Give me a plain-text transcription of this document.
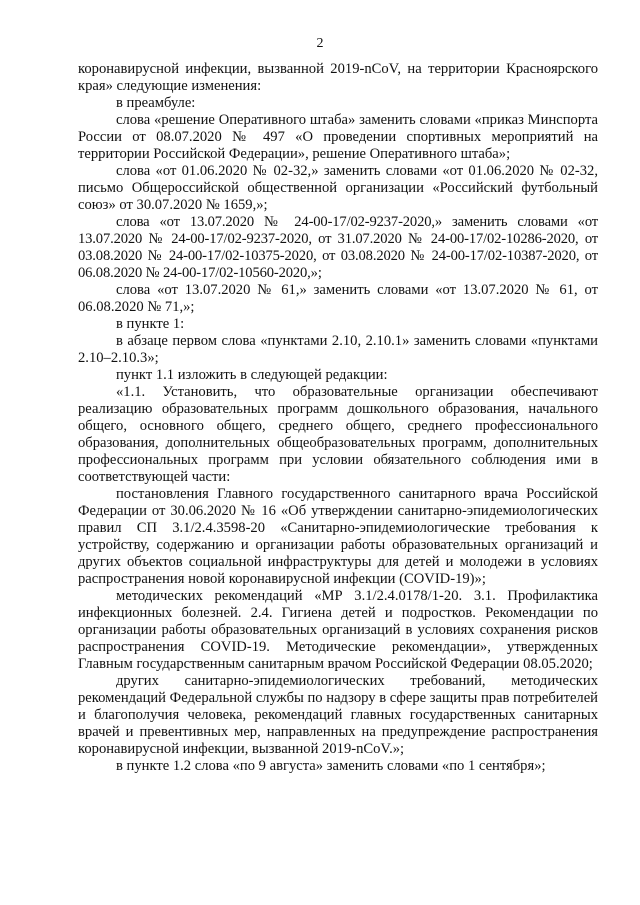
2

коронавирусной инфекции, вызванной 2019-nCoV, на территории Красноярского края» следующие изменения:

в преамбуле:

слова «решение Оперативного штаба» заменить словами «приказ Минспорта России от 08.07.2020 № 497 «О проведении спортивных мероприятий на территории Российской Федерации», решение Оперативного штаба»;

слова «от 01.06.2020 № 02-32,» заменить словами «от 01.06.2020 № 02-32, письмо Общероссийской общественной организации «Российский футбольный союз» от 30.07.2020 № 1659,»;

слова «от 13.07.2020 № 24-00-17/02-9237-2020,» заменить словами «от 13.07.2020 № 24-00-17/02-9237-2020, от 31.07.2020 № 24-00-17/02-10286-2020, от 03.08.2020 № 24-00-17/02-10375-2020, от 03.08.2020 № 24-00-17/02-10387-2020, от 06.08.2020 № 24-00-17/02-10560-2020,»;

слова «от 13.07.2020 № 61,» заменить словами «от 13.07.2020 № 61, от 06.08.2020 № 71,»;

в пункте 1:

в абзаце первом слова «пунктами 2.10, 2.10.1» заменить словами «пунктами 2.10–2.10.3»;

пункт 1.1 изложить в следующей редакции:

«1.1. Установить, что образовательные организации обеспечивают реализацию образовательных программ дошкольного образования, начального общего, основного общего, среднего общего, среднего профессионального образования, дополнительных общеобразовательных программ, дополнительных профессиональных программ при условии обязательного соблюдения ими в соответствующей части:

постановления Главного государственного санитарного врача Российской Федерации от 30.06.2020 № 16 «Об утверждении санитарно-эпидемиологических правил СП 3.1/2.4.3598-20 «Санитарно-эпидемиологические требования к устройству, содержанию и организации работы образовательных организаций и других объектов социальной инфраструктуры для детей и молодежи в условиях распространения новой коронавирусной инфекции (COVID-19)»;

методических рекомендаций «МР 3.1/2.4.0178/1-20. 3.1. Профилактика инфекционных болезней. 2.4. Гигиена детей и подростков. Рекомендации по организации работы образовательных организаций в условиях сохранения рисков распространения COVID-19. Методические рекомендации», утвержденных Главным государственным санитарным врачом Российской Федерации 08.05.2020;

других санитарно-эпидемиологических требований, методических рекомендаций Федеральной службы по надзору в сфере защиты прав потребителей и благополучия человека, рекомендаций главных государственных санитарных врачей и превентивных мер, направленных на предупреждение распространения коронавирусной инфекции, вызванной 2019-nCoV.»;

в пункте 1.2 слова «по 9 августа» заменить словами «по 1 сентября»;
